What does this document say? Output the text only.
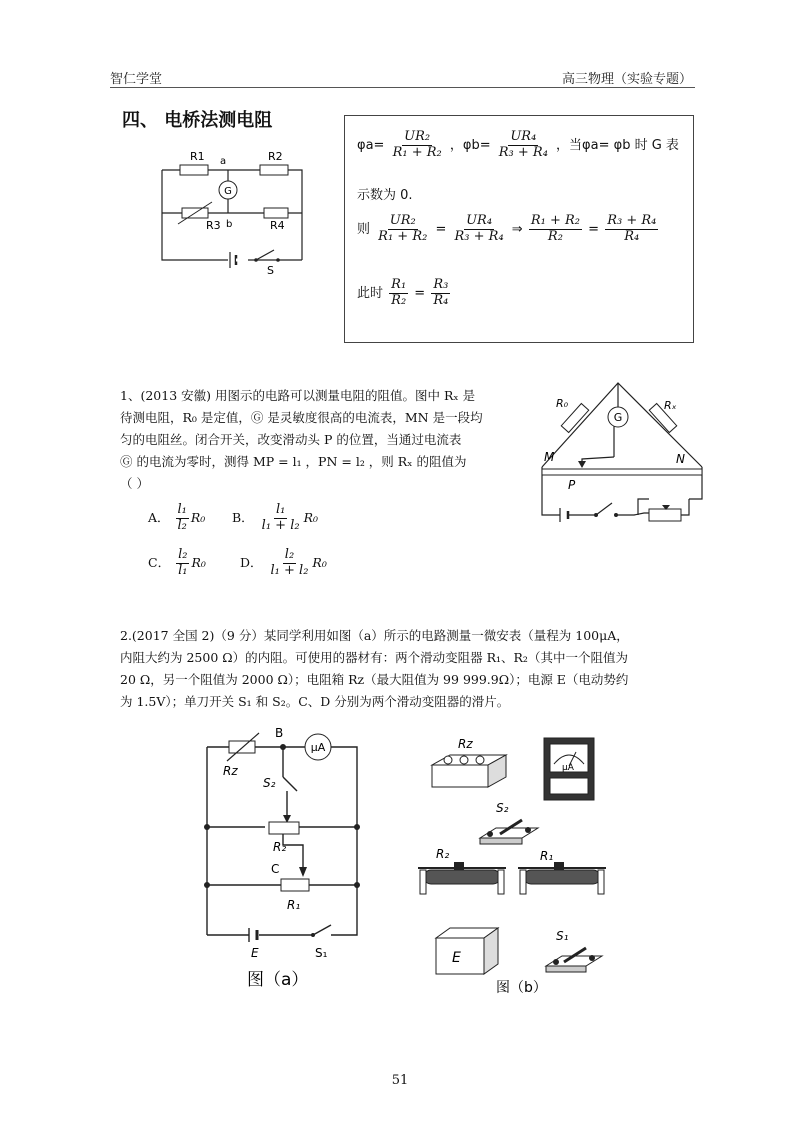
智仁学堂	高三物理（实验专题）
四、 电桥法测电阻
G
R1	R2
a
b
R3	R4
S
$\varphi a= \frac{\text{UR₂}}{\text{R₁ + R₂}}$ ，$\varphi b= \frac{\text{UR₄}}{\text{R₃ + R₄}}$ ，当φa= φb 时 G 表
示数为 0.
则 $\frac{\text{UR₂}}{\text{R₁ + R₂}} = \frac{\text{UR₄}}{\text{R₃ + R₄}}$ ⇒ $\frac{\text{R₁ + R₂}}{\text{R₂}} = \frac{\text{R₃ + R₄}}{\text{R₄}}$
此时 $\frac{\text{R₁}}{\text{R₂}} = \frac{\text{R₃}}{\text{R₄}}$
1、(2013 安徽) 用图示的电路可以测量电阻的阻值。图中 Rₓ 是
待测电阻，R₀ 是定值，Ⓖ 是灵敏度很高的电流表，MN 是一段均
匀的电阻丝。闭合开关，改变滑动头 P 的位置，当通过电流表
Ⓖ 的电流为零时，测得 MP = l₁ ，PN = l₂ ，则 Rₓ 的阻值为
（ ）
A． $\frac{\text{l₁}}{\text{l₂}} R_0$ B． $\frac{\text{l₁}}{\text{l₁ + l₂}} R_0$
C． $\frac{\text{l₂}}{\text{l₁}} R_0$	D． $\frac{\text{l₂}}{\text{l₁ + l₂}} R_0$
G
R₀	Rₓ
M	N
P
2.(2017 全国 2)（9 分）某同学利用如图（a）所示的电路测量一微安表（量程为 100μA，
内阻大约为 2500 Ω）的内阻。可使用的器材有：两个滑动变阻器 R₁、R₂（其中一个阻值为
20 Ω，另一个阻值为 2000 Ω）；电阻箱 Rz（最大阻值为 99 999.9Ω）；电源 E（电动势约
为 1.5V）；单刀开关 S₁ 和 S₂。C、D 分别为两个滑动变阻器的滑片。
μA
B
Rz
S₂
R₂
C
R₁
E	S₁
图（a）
Rz
μA
S₂
R₂	R₁
E
S₁
图（b）
51
